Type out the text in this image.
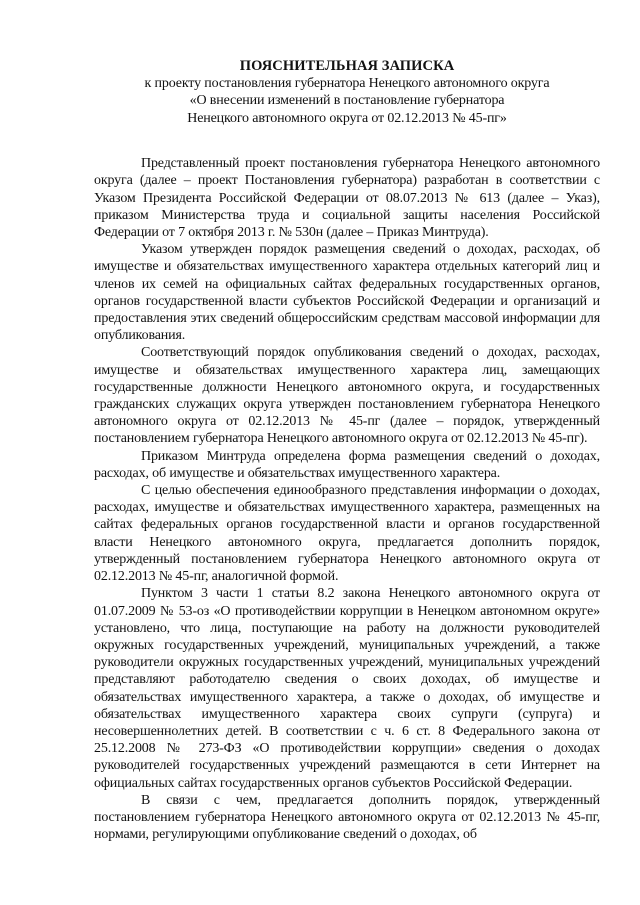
ПОЯСНИТЕЛЬНАЯ ЗАПИСКА

к проекту постановления губернатора Ненецкого автономного округа
«О внесении изменений в постановление губернатора
Ненецкого автономного округа от 02.12.2013 № 45-пг»

Представленный проект постановления губернатора Ненецкого автономного округа (далее – проект Постановления губернатора) разработан в соответствии с Указом Президента Российской Федерации от 08.07.2013 № 613 (далее – Указ), приказом Министерства труда и социальной защиты населения Российской Федерации от 7 октября 2013 г. № 530н (далее – Приказ Минтруда).

Указом утвержден порядок размещения сведений о доходах, расходах, об имуществе и обязательствах имущественного характера отдельных категорий лиц и членов их семей на официальных сайтах федеральных государственных органов, органов государственной власти субъектов Российской Федерации и организаций и предоставления этих сведений общероссийским средствам массовой информации для опубликования.

Соответствующий порядок опубликования сведений о доходах, расходах, имуществе и обязательствах имущественного характера лиц, замещающих государственные должности Ненецкого автономного округа, и государственных гражданских служащих округа утвержден постановлением губернатора Ненецкого автономного округа от 02.12.2013 № 45-пг (далее – порядок, утвержденный постановлением губернатора Ненецкого автономного округа от 02.12.2013 № 45-пг).

Приказом Минтруда определена форма размещения сведений о доходах, расходах, об имуществе и обязательствах имущественного характера.

С целью обеспечения единообразного представления информации о доходах, расходах, имуществе и обязательствах имущественного характера, размещенных на сайтах федеральных органов государственной власти и органов государственной власти Ненецкого автономного округа, предлагается дополнить порядок, утвержденный постановлением губернатора Ненецкого автономного округа от 02.12.2013 № 45-пг, аналогичной формой.

Пунктом 3 части 1 статьи 8.2 закона Ненецкого автономного округа от 01.07.2009 № 53-оз «О противодействии коррупции в Ненецком автономном округе» установлено, что лица, поступающие на работу на должности руководителей окружных государственных учреждений, муниципальных учреждений, а также руководители окружных государственных учреждений, муниципальных учреждений представляют работодателю сведения о своих доходах, об имуществе и обязательствах имущественного характера, а также о доходах, об имуществе и обязательствах имущественного характера своих супруги (супруга) и несовершеннолетних детей. В соответствии с ч. 6 ст. 8 Федерального закона от 25.12.2008 № 273-ФЗ «О противодействии коррупции» сведения о доходах руководителей государственных учреждений размещаются в сети Интернет на официальных сайтах государственных органов субъектов Российской Федерации.

В связи с чем, предлагается дополнить порядок, утвержденный постановлением губернатора Ненецкого автономного округа от 02.12.2013 № 45-пг, нормами, регулирующими опубликование сведений о доходах, об
